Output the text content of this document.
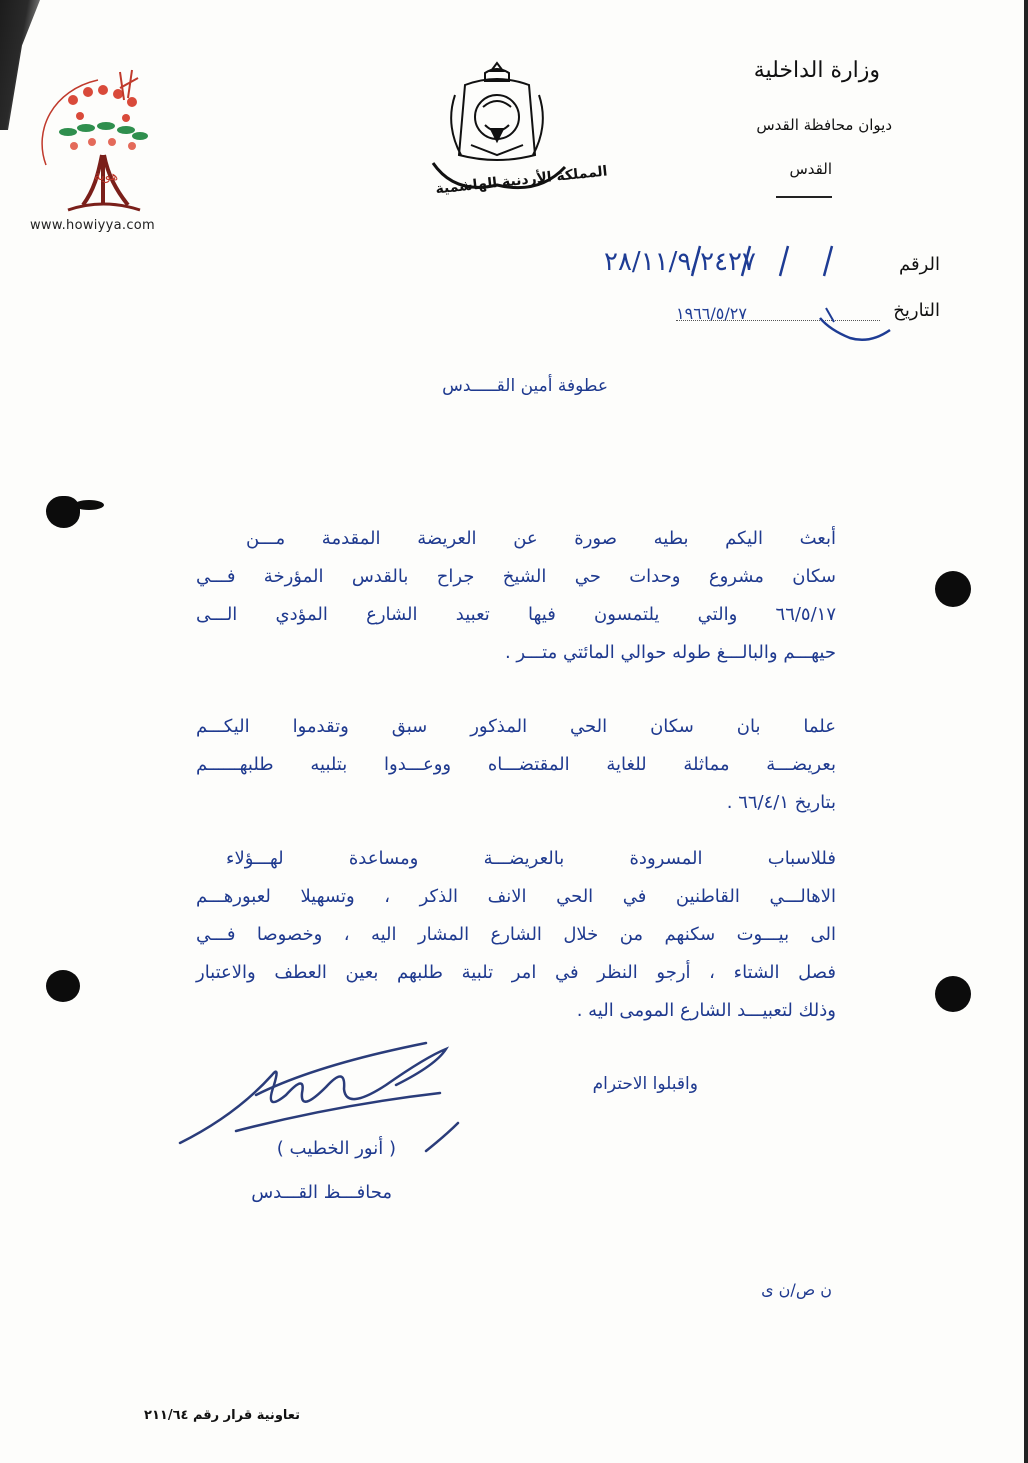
هوية
www.howiyya.com
المملكة الأردنية الهاشمية
وزارة الداخلية
ديوان محافظة القدس
القدس
الرقم
٢٨/١١/٩/٢٤٢٧
التاريخ
١٩٦٦/٥/٢٧
عطوفة أمين القـــــدس
أبعث اليكم بطيه صورة عن العريضة المقدمة مـــن
سكان مشروع وحدات حي الشيخ جراح بالقدس المؤرخة فـــي
٦٦/٥/١٧ والتي يلتمسون فيها تعبيد الشارع المؤدي الـــى
حيهـــم والبالـــغ طوله حوالي المائتي متـــر .
علما بان سكان الحي المذكور سبق وتقدموا اليكـــم
بعريضـــة مماثلة للغاية المقتضـــاه ووعـــدوا بتلبيه طلبهــــــم
بتاريخ ٦٦/٤/١ .
فللاسباب المسرودة بالعريضـــة ومساعدة لهـــؤلاء
الاهالـــي القاطنين في الحي الانف الذكر ، وتسهيلا لعبورهـــم
الى بيـــوت سكنهم من خلال الشارع المشار اليه ، وخصوصا فـــي
فصل الشتاء ، أرجو النظر في امر تلبية طلبهم بعين العطف والاعتبار
وذلك لتعبيـــد الشارع المومى اليه .
واقبلوا الاحترام
( أنور الخطيب )
محافـــظ القـــدس
ن ص/ن ى
تعاونية قرار رقم ٢١١/٦٤
